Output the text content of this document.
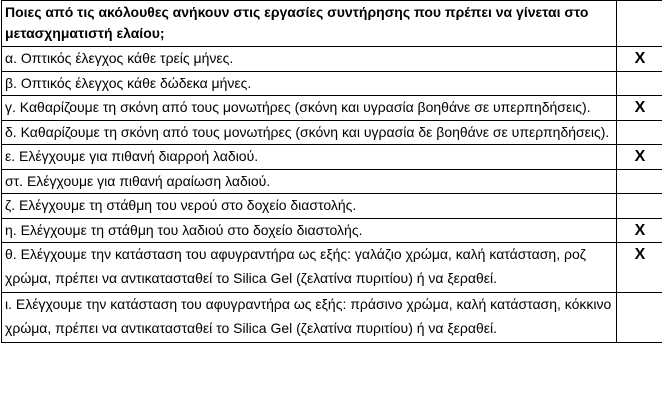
Ποιες από τις ακόλουθες ανήκουν στις εργασίες συντήρησης που πρέπει να γίνεται στο μετασχηματιστή ελαίου;	
α. Οπτικός έλεγχος κάθε τρείς μήνες.	X
β. Οπτικός έλεγχος κάθε δώδεκα μήνες.	
γ. Καθαρίζουμε τη σκόνη από τους μονωτήρες (σκόνη και υγρασία βοηθάνε σε υπερπηδήσεις).	X
δ. Καθαρίζουμε τη σκόνη από τους μονωτήρες (σκόνη και υγρασία δε βοηθάνε σε υπερπηδήσεις).	
ε. Ελέγχουμε για πιθανή διαρροή λαδιού.	X
στ. Ελέγχουμε για πιθανή αραίωση λαδιού.	
ζ. Ελέγχουμε τη στάθμη του νερού στο δοχείο διαστολής.	
η. Ελέγχουμε τη στάθμη του λαδιού στο δοχείο διαστολής.	X
θ. Ελέγχουμε την κατάσταση του αφυγραντήρα ως εξής: γαλάζιο χρώμα, καλή κατάσταση, ροζ χρώμα, πρέπει να αντικατασταθεί το Silica Gel (ζελατίνα πυριτίου) ή να ξεραθεί.	X
ι. Ελέγχουμε την κατάσταση του αφυγραντήρα ως εξής: πράσινο χρώμα, καλή κατάσταση, κόκκινο χρώμα, πρέπει να αντικατασταθεί το Silica Gel (ζελατίνα πυριτίου) ή να ξεραθεί.	
